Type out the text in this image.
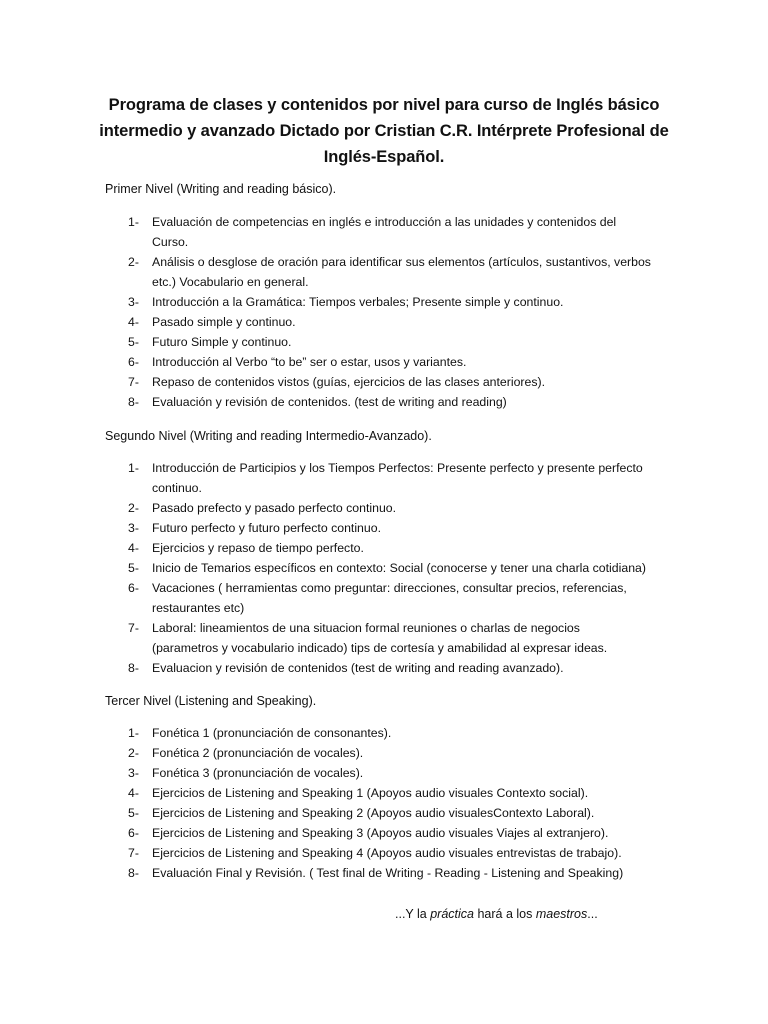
Programa de clases y contenidos por nivel para curso de Inglés básico
intermedio y avanzado Dictado por Cristian C.R. Intérprete Profesional de
Inglés-Español.
Primer Nivel (Writing and reading básico).
1-	Evaluación de competencias en inglés e introducción a las unidades y contenidos del
Curso.
2-	Análisis o desglose de oración para identificar sus elementos (artículos, sustantivos, verbos
etc.) Vocabulario en general.
3-	Introducción a la Gramática: Tiempos verbales; Presente simple y continuo.
4-	Pasado simple y continuo.
5-	Futuro Simple y continuo.
6-	Introducción al Verbo “to be” ser o estar, usos y variantes.
7-	Repaso de contenidos vistos (guías, ejercicios de las clases anteriores).
8-	Evaluación y revisión de contenidos. (test de writing and reading)
Segundo Nivel (Writing and reading Intermedio-Avanzado).
1-	Introducción de Participios y los Tiempos Perfectos: Presente perfecto y presente perfecto
continuo.
2-	Pasado prefecto y pasado perfecto continuo.
3-	Futuro perfecto y futuro perfecto continuo.
4-	Ejercicios y repaso de tiempo perfecto.
5-	Inicio de Temarios específicos en contexto: Social (conocerse y tener una charla cotidiana)
6-	Vacaciones ( herramientas como preguntar: direcciones, consultar precios, referencias,
restaurantes etc)
7-	Laboral: lineamientos de una situacion formal reuniones o charlas de negocios
(parametros y vocabulario indicado) tips de cortesía y amabilidad al expresar ideas.
8-	Evaluacion y revisión de contenidos (test de writing and reading avanzado).
Tercer Nivel (Listening and Speaking).
1-	Fonética 1 (pronunciación de consonantes).
2-	Fonética 2 (pronunciación de vocales).
3-	Fonética 3 (pronunciación de vocales).
4-	Ejercicios de Listening and Speaking 1 (Apoyos audio visuales Contexto social).
5-	Ejercicios de Listening and Speaking 2 (Apoyos audio visualesContexto Laboral).
6-	Ejercicios de Listening and Speaking 3 (Apoyos audio visuales Viajes al extranjero).
7-	Ejercicios de Listening and Speaking 4 (Apoyos audio visuales entrevistas de trabajo).
8-	Evaluación Final y Revisión. ( Test final de Writing - Reading - Listening and Speaking)
...Y la práctica hará a los maestros...
